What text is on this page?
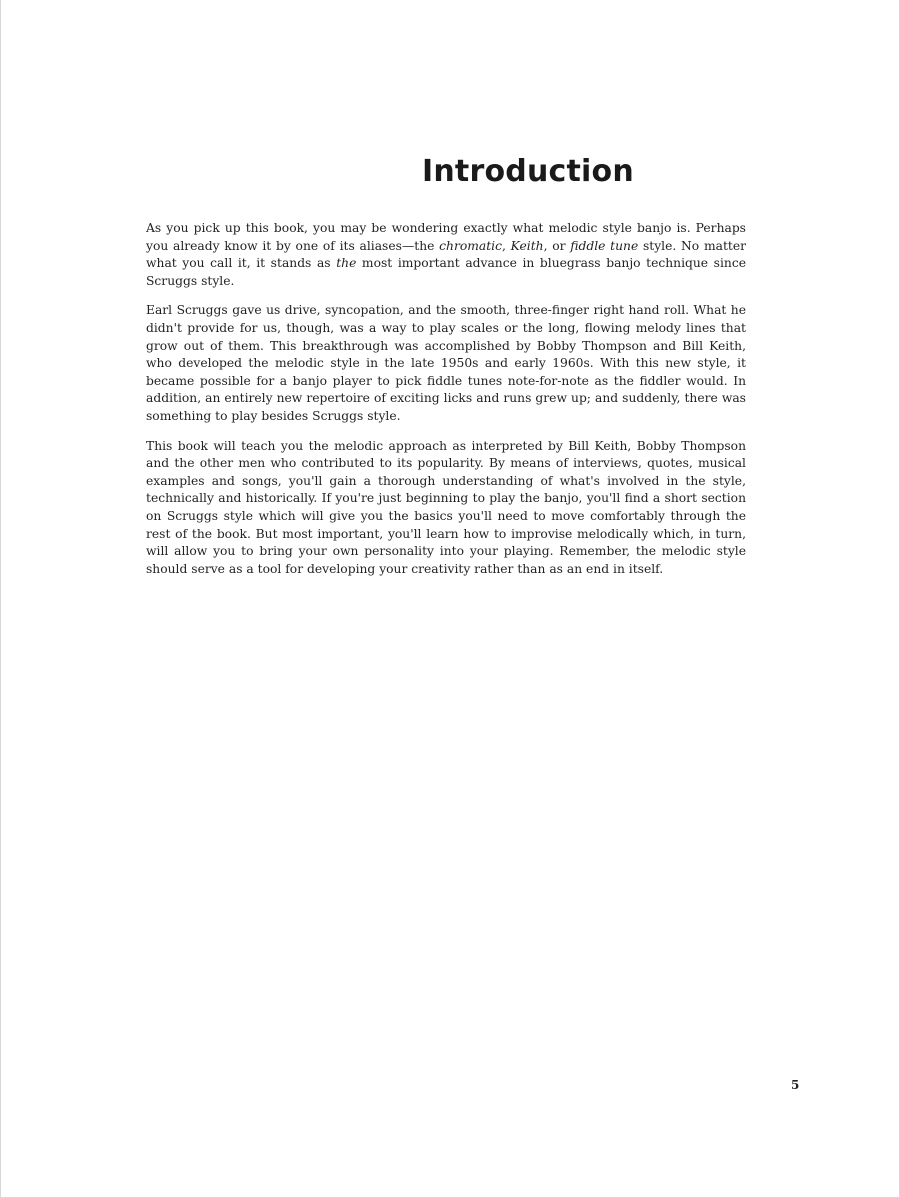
Introduction

As you pick up this book, you may be wondering exactly what melodic style banjo is. Perhaps you already know it by one of its aliases—the chromatic, Keith, or fiddle tune style. No matter what you call it, it stands as the most important advance in bluegrass banjo technique since Scruggs style.

Earl Scruggs gave us drive, syncopation, and the smooth, three-finger right hand roll. What he didn't provide for us, though, was a way to play scales or the long, flowing melody lines that grow out of them. This breakthrough was accomplished by Bobby Thompson and Bill Keith, who developed the melodic style in the late 1950s and early 1960s. With this new style, it became possible for a banjo player to pick fiddle tunes note-for-note as the fiddler would. In addition, an entirely new repertoire of exciting licks and runs grew up; and suddenly, there was something to play besides Scruggs style.

This book will teach you the melodic approach as interpreted by Bill Keith, Bobby Thompson and the other men who contributed to its popularity. By means of interviews, quotes, musical examples and songs, you'll gain a thorough understanding of what's involved in the style, technically and historically. If you're just beginning to play the banjo, you'll find a short section on Scruggs style which will give you the basics you'll need to move comfortably through the rest of the book. But most important, you'll learn how to improvise melodically which, in turn, will allow you to bring your own personality into your playing. Remember, the melodic style should serve as a tool for developing your creativity rather than as an end in itself.

5
